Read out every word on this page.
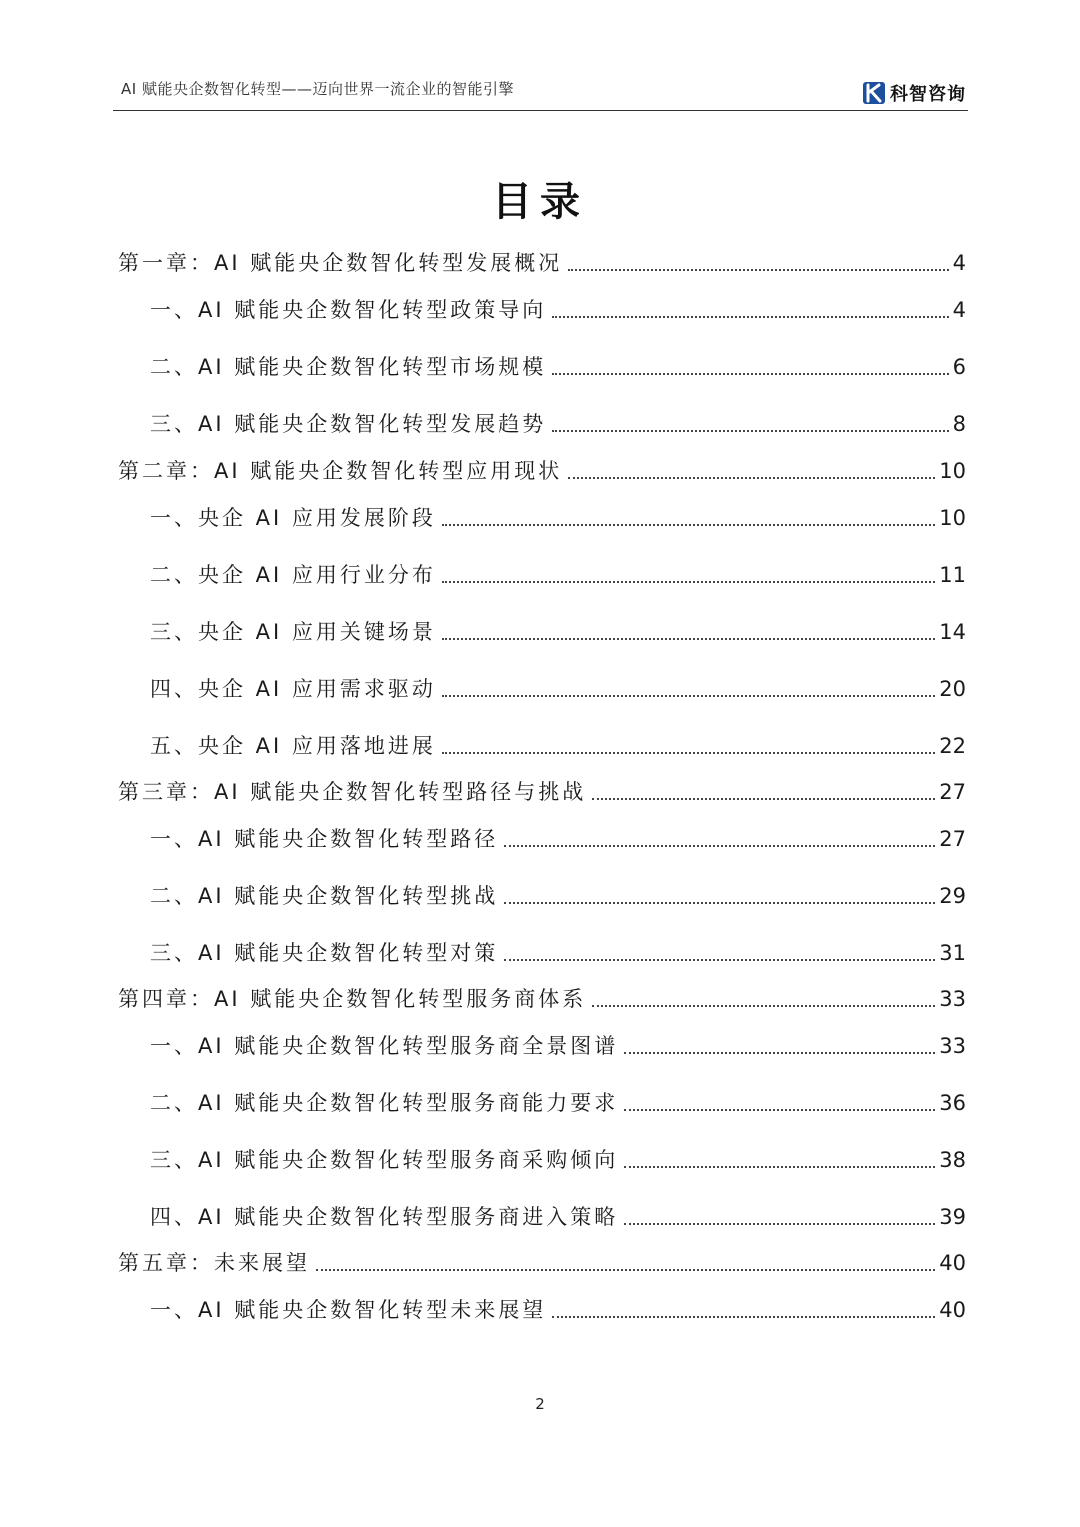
AI 赋能央企数智化转型——迈向世界一流企业的智能引擎	科智咨询
目录
第一章：AI 赋能央企数智化转型发展概况	4
一、AI 赋能央企数智化转型政策导向	4
二、AI 赋能央企数智化转型市场规模	6
三、AI 赋能央企数智化转型发展趋势	8
第二章：AI 赋能央企数智化转型应用现状	10
一、央企 AI 应用发展阶段	10
二、央企 AI 应用行业分布	11
三、央企 AI 应用关键场景	14
四、央企 AI 应用需求驱动	20
五、央企 AI 应用落地进展	22
第三章：AI 赋能央企数智化转型路径与挑战	27
一、AI 赋能央企数智化转型路径	27
二、AI 赋能央企数智化转型挑战	29
三、AI 赋能央企数智化转型对策	31
第四章：AI 赋能央企数智化转型服务商体系	33
一、AI 赋能央企数智化转型服务商全景图谱	33
二、AI 赋能央企数智化转型服务商能力要求	36
三、AI 赋能央企数智化转型服务商采购倾向	38
四、AI 赋能央企数智化转型服务商进入策略	39
第五章：未来展望	40
一、AI 赋能央企数智化转型未来展望	40
2
